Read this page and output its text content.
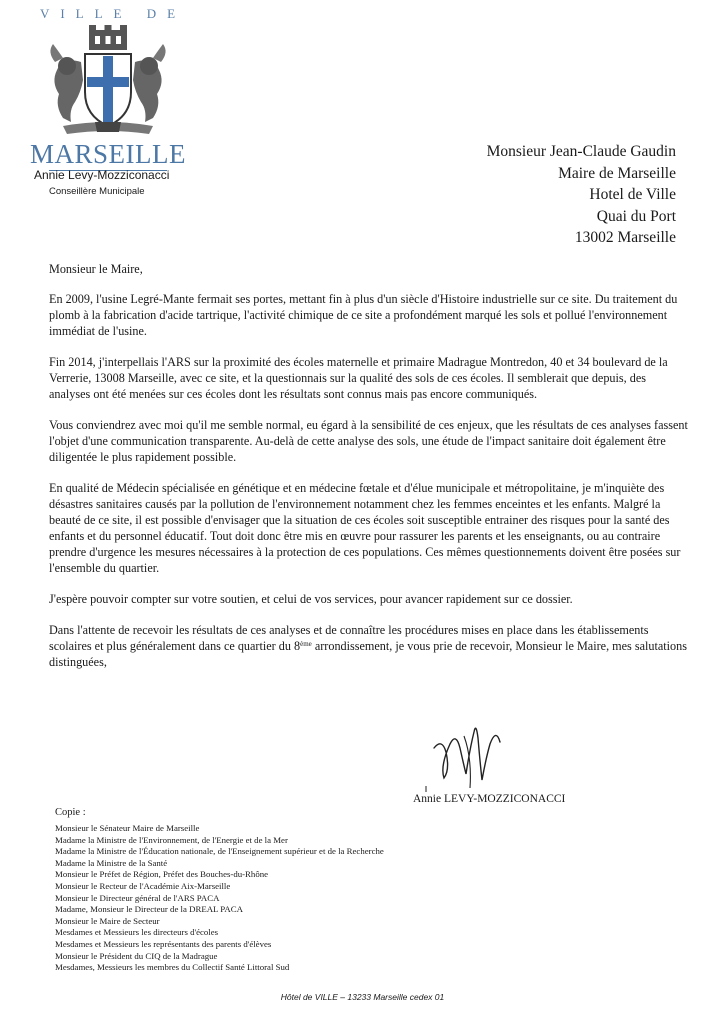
VILLE DE
MARSEILLE
Annie Levy-Mozziconacci
Conseillère Municipale
Monsieur Jean-Claude Gaudin
Maire de Marseille
Hotel de Ville
Quai du Port
13002 Marseille
Monsieur le Maire,

En 2009, l'usine Legré-Mante fermait ses portes, mettant fin à plus d'un siècle d'Histoire industrielle sur ce site. Du traitement du plomb à la fabrication d'acide tartrique, l'activité chimique de ce site a profondément marqué les sols et pollué l'environnement immédiat de l'usine.

Fin 2014, j'interpellais l'ARS sur la proximité des écoles maternelle et primaire Madrague Montredon, 40 et 34 boulevard de la Verrerie, 13008 Marseille, avec ce site, et la questionnais sur la qualité des sols de ces écoles. Il semblerait que depuis, des analyses ont été menées sur ces écoles dont les résultats sont connus mais pas encore communiqués.

Vous conviendrez avec moi qu'il me semble normal, eu égard à la sensibilité de ces enjeux, que les résultats de ces analyses fassent l'objet d'une communication transparente. Au-delà de cette analyse des sols, une étude de l'impact sanitaire doit également être diligentée le plus rapidement possible.

En qualité de Médecin spécialisée en génétique et en médecine fœtale et d'élue municipale et métropolitaine, je m'inquiète des désastres sanitaires causés par la pollution de l'environnement notamment chez les femmes enceintes et les enfants. Malgré la beauté de ce site, il est possible d'envisager que la situation de ces écoles soit susceptible entrainer des risques pour la santé des enfants et du personnel éducatif. Tout doit donc être mis en œuvre pour rassurer les parents et les enseignants, ou au contraire prendre d'urgence les mesures nécessaires à la protection de ces populations. Ces mêmes questionnements doivent être posées sur l'ensemble du quartier.

J'espère pouvoir compter sur votre soutien, et celui de vos services, pour avancer rapidement sur ce dossier.

Dans l'attente de recevoir les résultats de ces analyses et de connaître les procédures mises en place dans les établissements scolaires et plus généralement dans ce quartier du 8ème arrondissement, je vous prie de recevoir, Monsieur le Maire, mes salutations distinguées,

Annie LEVY-MOZZICONACCI
Copie :
Monsieur le Sénateur Maire de Marseille
Madame la Ministre de l'Environnement, de l'Energie et de la Mer
Madame la Ministre de l'Éducation nationale, de l'Enseignement supérieur et de la Recherche
Madame la Ministre de la Santé
Monsieur le Préfet de Région, Préfet des Bouches-du-Rhône
Monsieur le Recteur de l'Académie Aix-Marseille
Monsieur le Directeur général de l'ARS PACA
Madame, Monsieur le Directeur de la DREAL PACA
Monsieur le Maire de Secteur
Mesdames et Messieurs les directeurs d'écoles
Mesdames et Messieurs les représentants des parents d'élèves
Monsieur le Président du CIQ de la Madrague
Mesdames, Messieurs les membres du Collectif Santé Littoral Sud
Hôtel de VILLE – 13233 Marseille cedex 01
